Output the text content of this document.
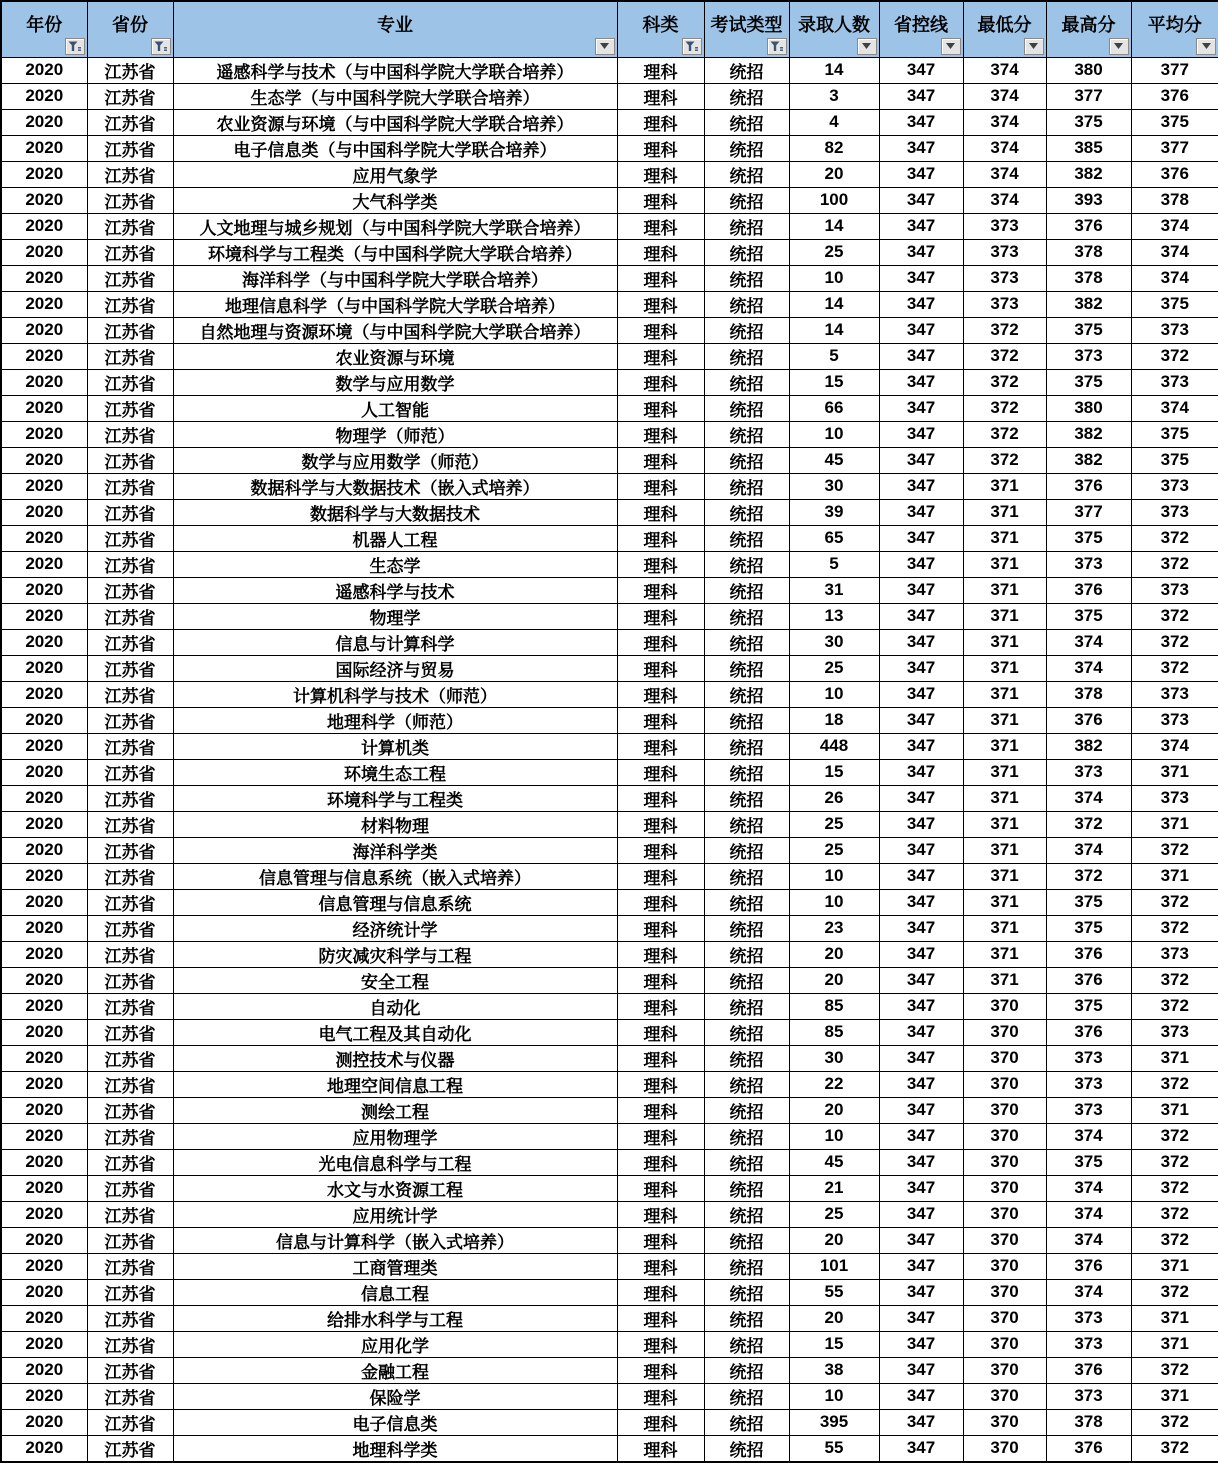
年份	省份	专业	科类	考试类型	录取人数	省控线	最低分	最高分	平均分

2020	江苏省	遥感科学与技术（与中国科学院大学联合培养）	理科	统招	14	347	374	380	377
2020	江苏省	生态学（与中国科学院大学联合培养）	理科	统招	3	347	374	377	376
2020	江苏省	农业资源与环境（与中国科学院大学联合培养）	理科	统招	4	347	374	375	375
2020	江苏省	电子信息类（与中国科学院大学联合培养）	理科	统招	82	347	374	385	377
2020	江苏省	应用气象学	理科	统招	20	347	374	382	376
2020	江苏省	大气科学类	理科	统招	100	347	374	393	378
2020	江苏省	人文地理与城乡规划（与中国科学院大学联合培养）	理科	统招	14	347	373	376	374
2020	江苏省	环境科学与工程类（与中国科学院大学联合培养）	理科	统招	25	347	373	378	374
2020	江苏省	海洋科学（与中国科学院大学联合培养）	理科	统招	10	347	373	378	374
2020	江苏省	地理信息科学（与中国科学院大学联合培养）	理科	统招	14	347	373	382	375
2020	江苏省	自然地理与资源环境（与中国科学院大学联合培养）	理科	统招	14	347	372	375	373
2020	江苏省	农业资源与环境	理科	统招	5	347	372	373	372
2020	江苏省	数学与应用数学	理科	统招	15	347	372	375	373
2020	江苏省	人工智能	理科	统招	66	347	372	380	374
2020	江苏省	物理学（师范）	理科	统招	10	347	372	382	375
2020	江苏省	数学与应用数学（师范）	理科	统招	45	347	372	382	375
2020	江苏省	数据科学与大数据技术（嵌入式培养）	理科	统招	30	347	371	376	373
2020	江苏省	数据科学与大数据技术	理科	统招	39	347	371	377	373
2020	江苏省	机器人工程	理科	统招	65	347	371	375	372
2020	江苏省	生态学	理科	统招	5	347	371	373	372
2020	江苏省	遥感科学与技术	理科	统招	31	347	371	376	373
2020	江苏省	物理学	理科	统招	13	347	371	375	372
2020	江苏省	信息与计算科学	理科	统招	30	347	371	374	372
2020	江苏省	国际经济与贸易	理科	统招	25	347	371	374	372
2020	江苏省	计算机科学与技术（师范）	理科	统招	10	347	371	378	373
2020	江苏省	地理科学（师范）	理科	统招	18	347	371	376	373
2020	江苏省	计算机类	理科	统招	448	347	371	382	374
2020	江苏省	环境生态工程	理科	统招	15	347	371	373	371
2020	江苏省	环境科学与工程类	理科	统招	26	347	371	374	373
2020	江苏省	材料物理	理科	统招	25	347	371	372	371
2020	江苏省	海洋科学类	理科	统招	25	347	371	374	372
2020	江苏省	信息管理与信息系统（嵌入式培养）	理科	统招	10	347	371	372	371
2020	江苏省	信息管理与信息系统	理科	统招	10	347	371	375	372
2020	江苏省	经济统计学	理科	统招	23	347	371	375	372
2020	江苏省	防灾减灾科学与工程	理科	统招	20	347	371	376	373
2020	江苏省	安全工程	理科	统招	20	347	371	376	372
2020	江苏省	自动化	理科	统招	85	347	370	375	372
2020	江苏省	电气工程及其自动化	理科	统招	85	347	370	376	373
2020	江苏省	测控技术与仪器	理科	统招	30	347	370	373	371
2020	江苏省	地理空间信息工程	理科	统招	22	347	370	373	372
2020	江苏省	测绘工程	理科	统招	20	347	370	373	371
2020	江苏省	应用物理学	理科	统招	10	347	370	374	372
2020	江苏省	光电信息科学与工程	理科	统招	45	347	370	375	372
2020	江苏省	水文与水资源工程	理科	统招	21	347	370	374	372
2020	江苏省	应用统计学	理科	统招	25	347	370	374	372
2020	江苏省	信息与计算科学（嵌入式培养）	理科	统招	20	347	370	374	372
2020	江苏省	工商管理类	理科	统招	101	347	370	376	371
2020	江苏省	信息工程	理科	统招	55	347	370	374	372
2020	江苏省	给排水科学与工程	理科	统招	20	347	370	373	371
2020	江苏省	应用化学	理科	统招	15	347	370	373	371
2020	江苏省	金融工程	理科	统招	38	347	370	376	372
2020	江苏省	保险学	理科	统招	10	347	370	373	371
2020	江苏省	电子信息类	理科	统招	395	347	370	378	372
2020	江苏省	地理科学类	理科	统招	55	347	370	376	372
